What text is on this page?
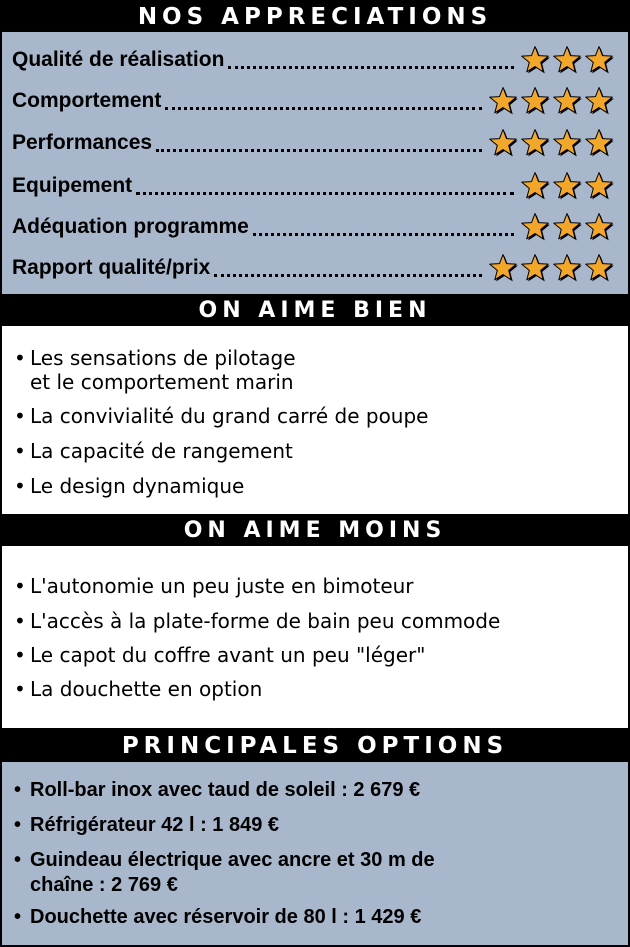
NOS APPRECIATIONS
Qualité de réalisation
Comportement
Performances
Equipement
Adéquation programme
Rapport qualité/prix
ON AIME BIEN
• Les sensations de pilotage
et le comportement marin
• La convivialité du grand carré de poupe
• La capacité de rangement
• Le design dynamique
ON AIME MOINS
• L'autonomie un peu juste en bimoteur
• L'accès à la plate-forme de bain peu commode
• Le capot du coffre avant un peu "léger"
• La douchette en option
PRINCIPALES OPTIONS
• Roll-bar inox avec taud de soleil : 2 679 €
• Réfrigérateur 42 l : 1 849 €
• Guindeau électrique avec ancre et 30 m de
chaîne : 2 769 €
• Douchette avec réservoir de 80 l : 1 429 €
